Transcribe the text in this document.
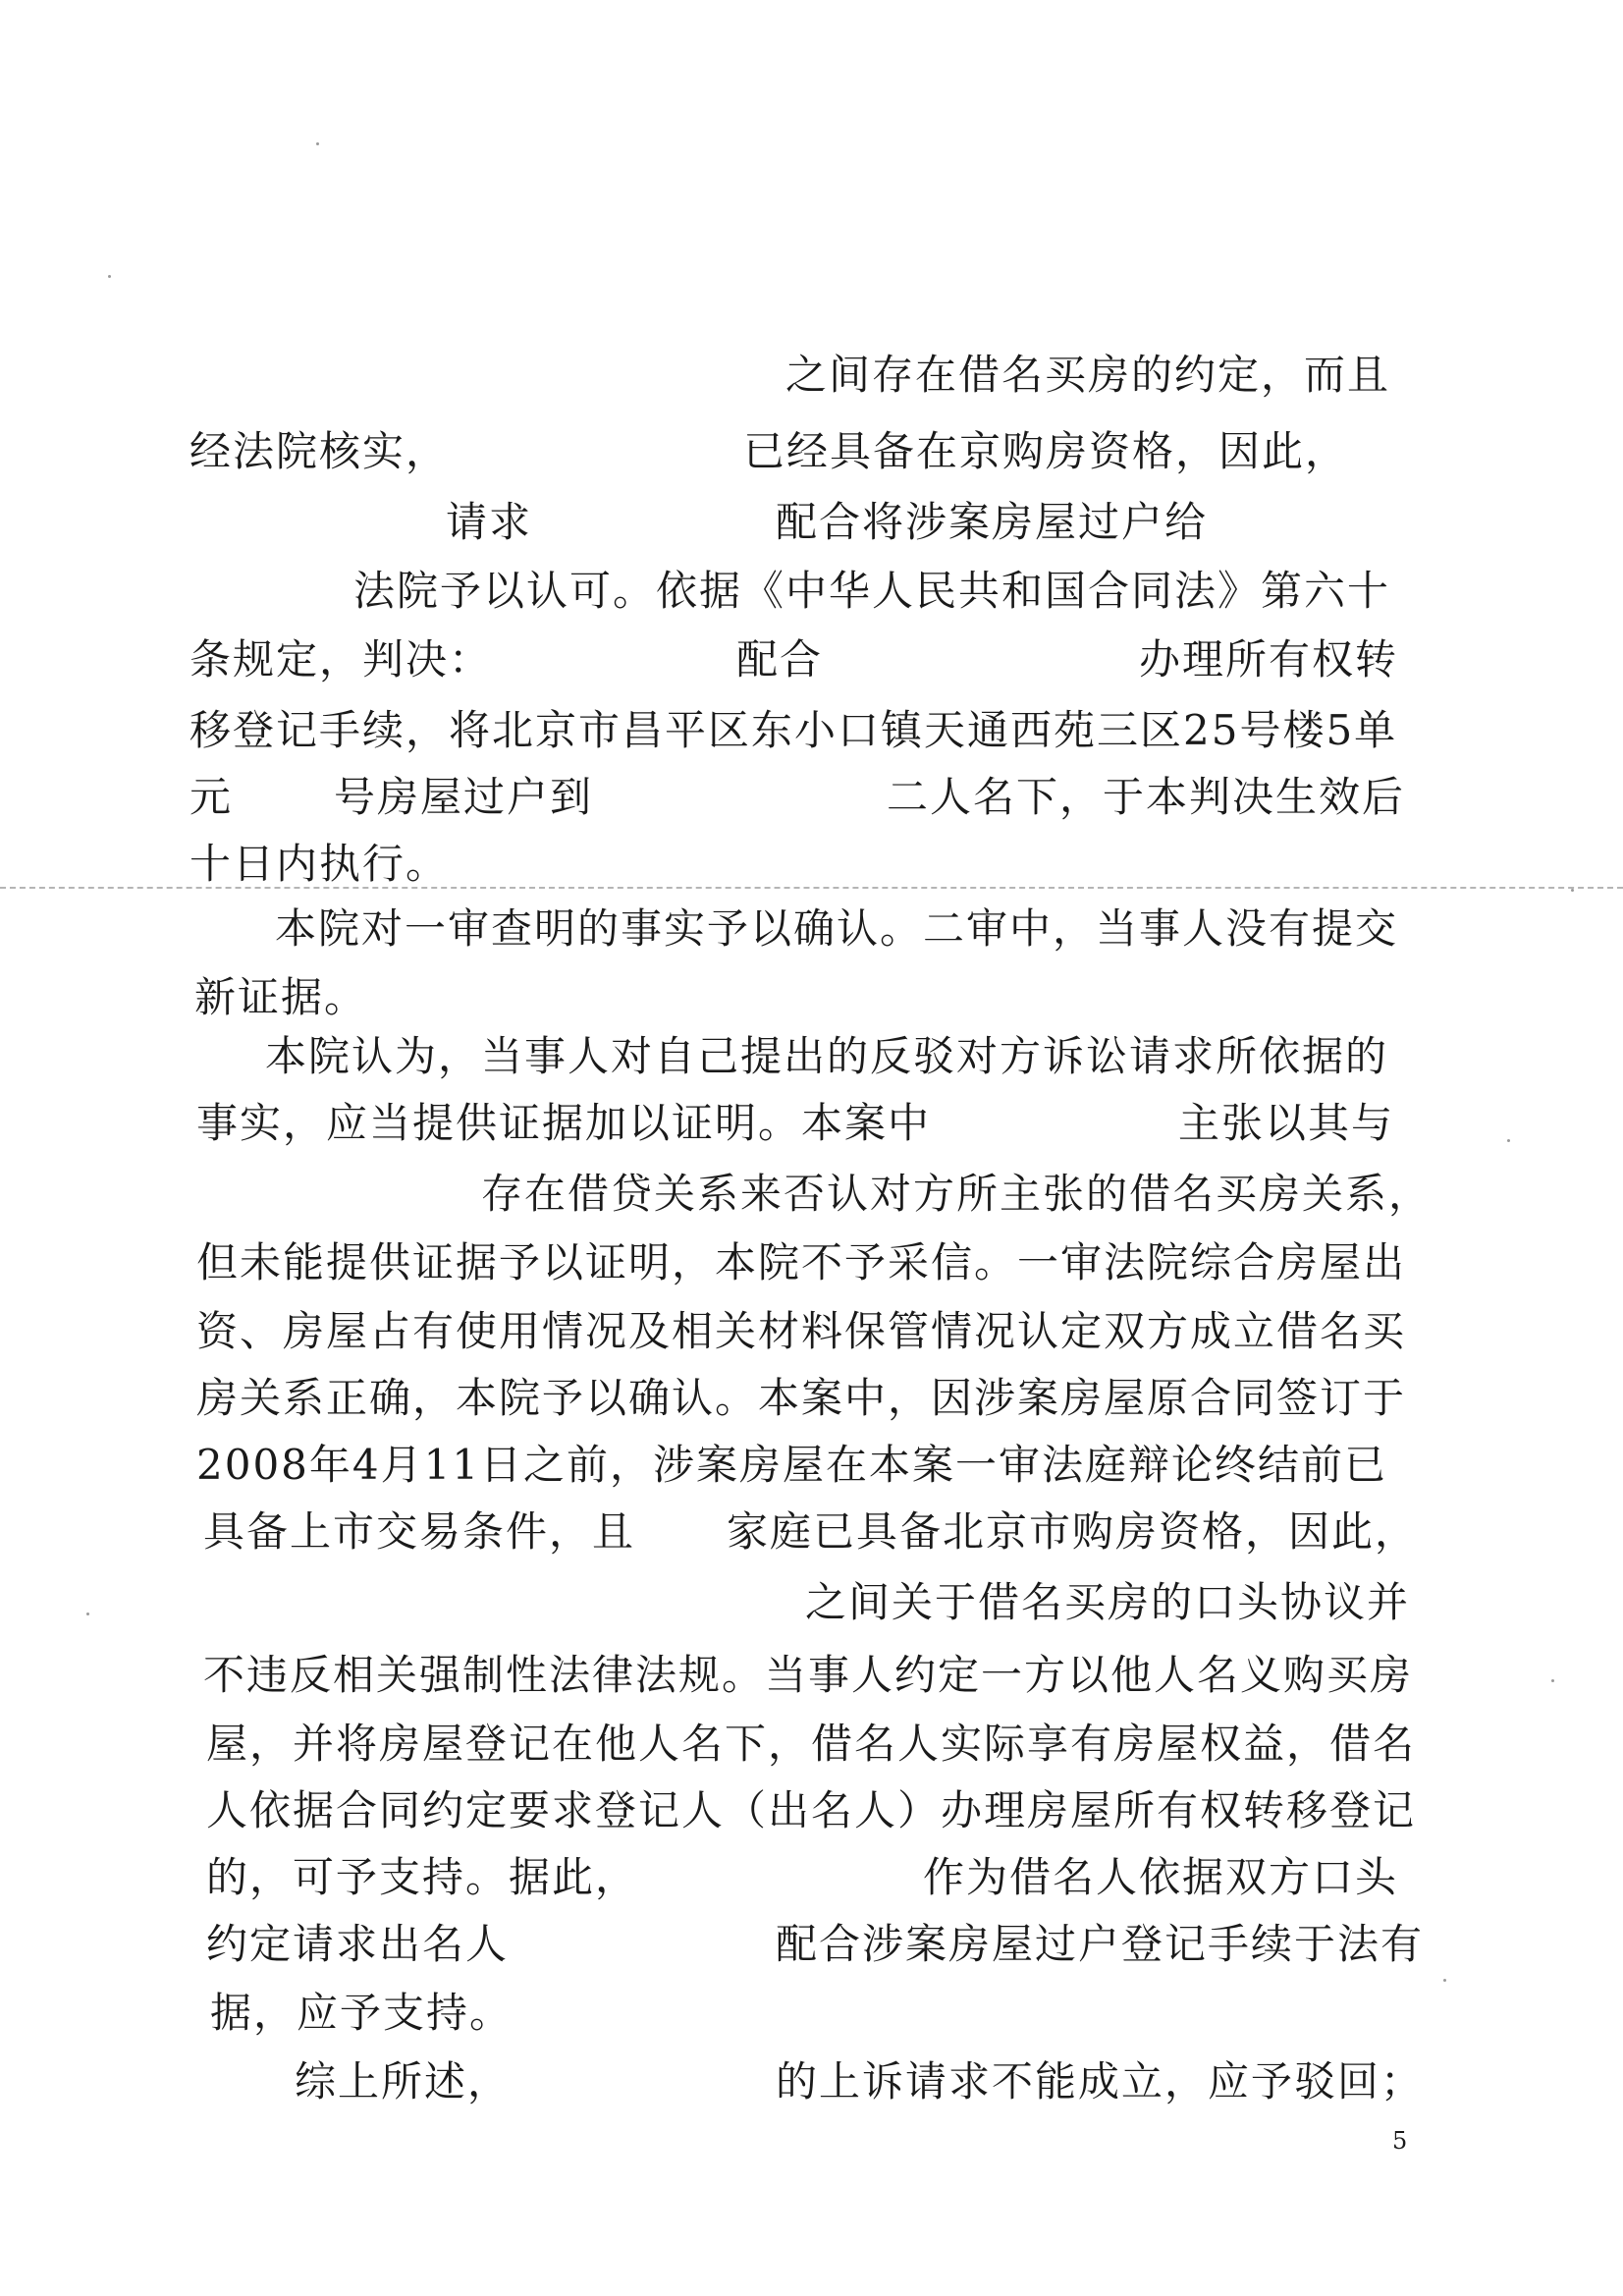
之间存在借名买房的约定，而且
经法院核实，	已经具备在京购房资格，因此，
请求	配合将涉案房屋过户给
法院予以认可。依据《中华人民共和国合同法》第六十
条规定，判决：	配合	办理所有权转
移登记手续，将北京市昌平区东小口镇天通西苑三区25号楼5单
元 号房屋过户到	二人名下，于本判决生效后
十日内执行。
本院对一审查明的事实予以确认。二审中，当事人没有提交
新证据。
本院认为，当事人对自己提出的反驳对方诉讼请求所依据的
事实，应当提供证据加以证明。本案中	主张以其与
存在借贷关系来否认对方所主张的借名买房关系，
但未能提供证据予以证明，本院不予采信。一审法院综合房屋出
资、房屋占有使用情况及相关材料保管情况认定双方成立借名买
房关系正确，本院予以确认。本案中，因涉案房屋原合同签订于
2008年4月11日之前，涉案房屋在本案一审法庭辩论终结前已
具备上市交易条件，且 家庭已具备北京市购房资格，因此，
之间关于借名买房的口头协议并
不违反相关强制性法律法规。当事人约定一方以他人名义购买房
屋，并将房屋登记在他人名下，借名人实际享有房屋权益，借名
人依据合同约定要求登记人（出名人）办理房屋所有权转移登记
的，可予支持。据此，	作为借名人依据双方口头
约定请求出名人	配合涉案房屋过户登记手续于法有
据，应予支持。
综上所述，	的上诉请求不能成立，应予驳回；
5
